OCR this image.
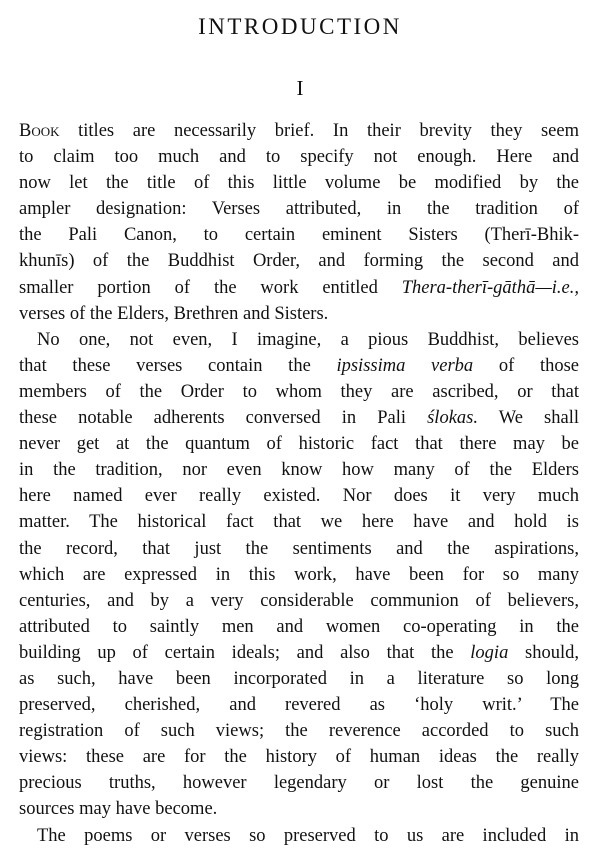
INTRODUCTION
I
Book titles are necessarily brief. In their brevity they seem
to claim too much and to specify not enough. Here and
now let the title of this little volume be modified by the
ampler designation: Verses attributed, in the tradition of
the Pali Canon, to certain eminent Sisters (Therī-Bhik-
khunīs) of the Buddhist Order, and forming the second and
smaller portion of the work entitled Thera-therī-gāthā—i.e.,
verses of the Elders, Brethren and Sisters.
No one, not even, I imagine, a pious Buddhist, believes
that these verses contain the ipsissima verba of those
members of the Order to whom they are ascribed, or that
these notable adherents conversed in Pali ślokas. We shall
never get at the quantum of historic fact that there may be
in the tradition, nor even know how many of the Elders
here named ever really existed. Nor does it very much
matter. The historical fact that we here have and hold is
the record, that just the sentiments and the aspirations,
which are expressed in this work, have been for so many
centuries, and by a very considerable communion of believers,
attributed to saintly men and women co-operating in the
building up of certain ideals; and also that the logia should,
as such, have been incorporated in a literature so long
preserved, cherished, and revered as ‘holy writ.’ The
registration of such views; the reverence accorded to such
views: these are for the history of human ideas the really
precious truths, however legendary or lost the genuine
sources may have become.
The poems or verses so preserved to us are included in
